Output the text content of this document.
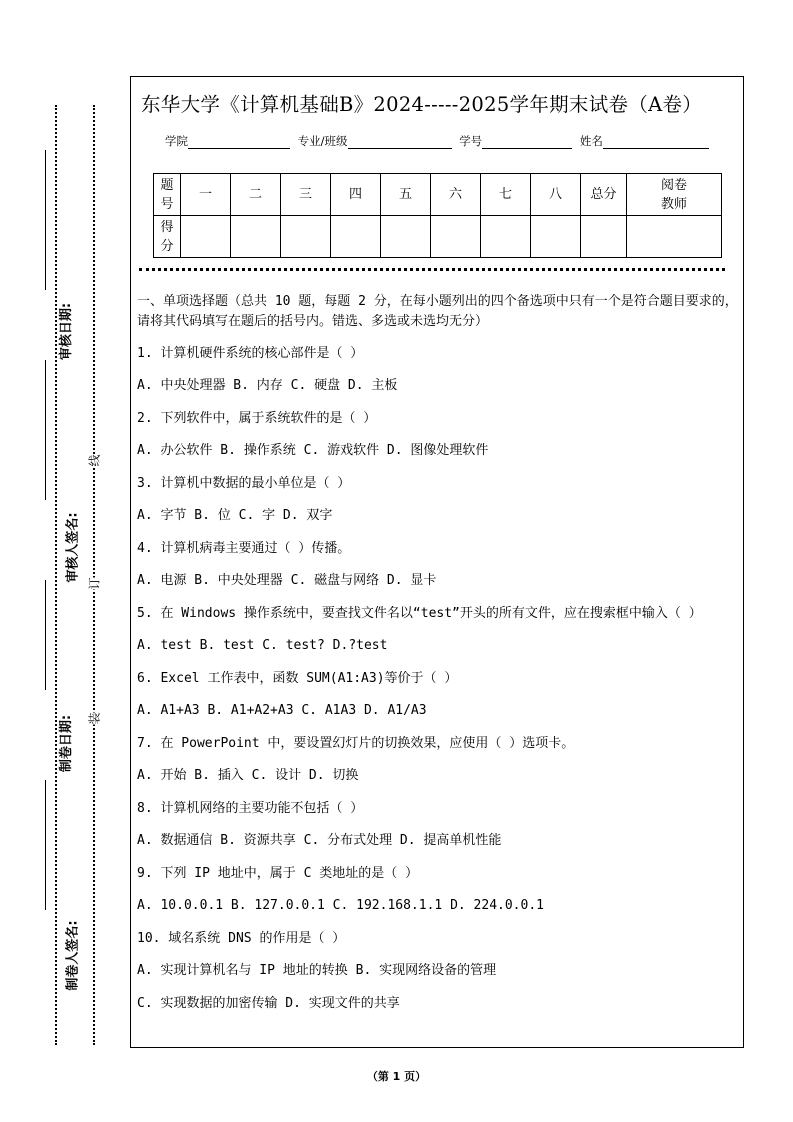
审核日期:
审核人签名:
制卷日期:
制卷人签名:
线
订
装
东华大学《计算机基础B》2024-----2025学年期末试卷（A卷）
学院	专业/班级	学号	姓名
题号	一	二	三	四	五	六	七	八	总分	阅卷教师
得分										

一、单项选择题（总共 10 题，每题 2 分，在每小题列出的四个备选项中只有一个是符合题目要求的，请将其代码填写在题后的括号内。错选、多选或未选均无分）

1. 计算机硬件系统的核心部件是（ ）

A. 中央处理器 B. 内存 C. 硬盘 D. 主板

2. 下列软件中，属于系统软件的是（ ）

A. 办公软件 B. 操作系统 C. 游戏软件 D. 图像处理软件

3. 计算机中数据的最小单位是（ ）

A. 字节 B. 位 C. 字 D. 双字

4. 计算机病毒主要通过（ ）传播。

A. 电源 B. 中央处理器 C. 磁盘与网络 D. 显卡

5. 在 Windows 操作系统中，要查找文件名以“test”开头的所有文件，应在搜索框中输入（ ）

A. test B. test C. test? D.?test

6. Excel 工作表中，函数 SUM(A1:A3)等价于（ ）

A. A1+A3 B. A1+A2+A3 C. A1A3 D. A1/A3

7. 在 PowerPoint 中，要设置幻灯片的切换效果，应使用（ ）选项卡。

A. 开始 B. 插入 C. 设计 D. 切换

8. 计算机网络的主要功能不包括（ ）

A. 数据通信 B. 资源共享 C. 分布式处理 D. 提高单机性能

9. 下列 IP 地址中，属于 C 类地址的是（ ）

A. 10.0.0.1 B. 127.0.0.1 C. 192.168.1.1 D. 224.0.0.1

10. 域名系统 DNS 的作用是（ ）

A. 实现计算机名与 IP 地址的转换 B. 实现网络设备的管理

C. 实现数据的加密传输 D. 实现文件的共享

（第 1 页）
